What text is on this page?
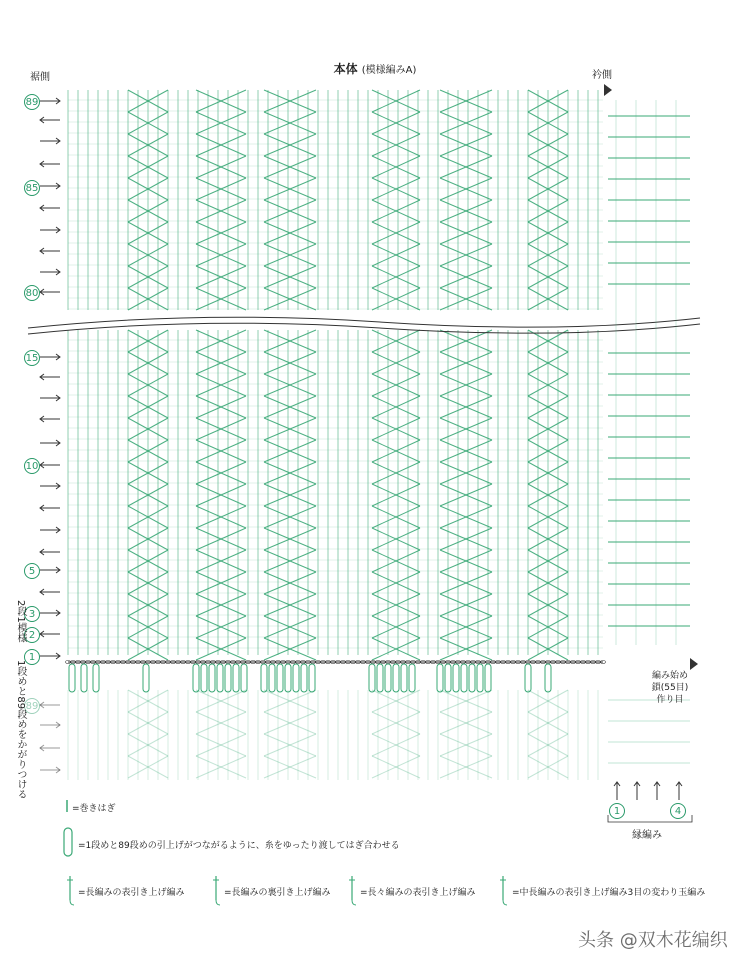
本体 (模様編みA)
裾側	衿側
89
85
80
15
10
5
3
2
1
89
2段1模様
1段めと89段めをかがりつける	編み始め
鎖(55目)
作り目
1	4
縁編み
=巻きはぎ
=1段めと89段めの引上げがつながるように、糸をゆったり渡してはぎ合わせる
=長編みの表引き上げ編み	=長編みの裏引き上げ編み	=長々編みの表引き上げ編み	=中長編みの表引き上げ編み3目の変わり玉編み
头条 @双木花编织
